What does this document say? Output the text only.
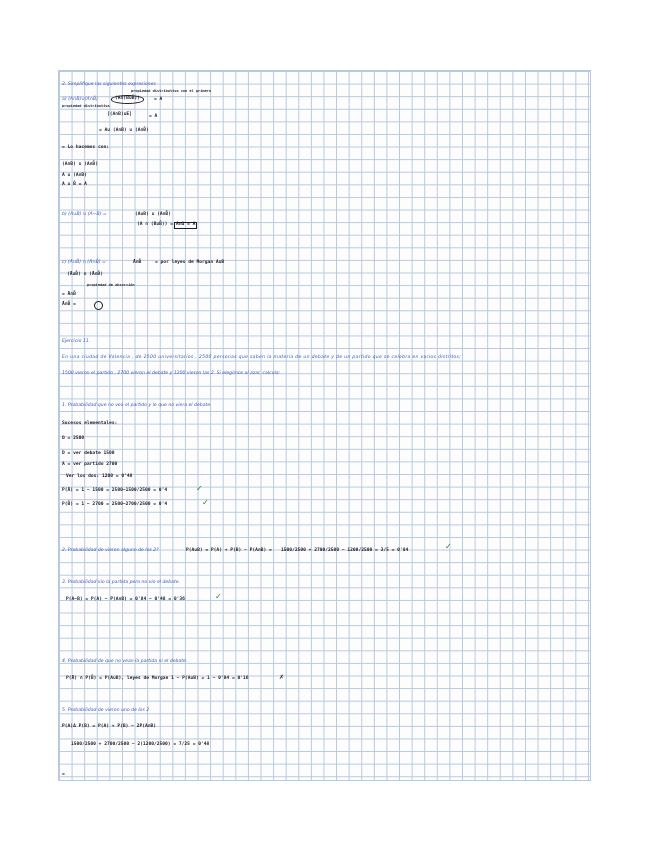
3. Simplifique las siguientes expresiones
propiedad distributiva con el primero
a) (A∩B)∪(A∩B̄)	(A∩(B∪B̄))	= A
propiedad distributiva
[(A∩B)∪E]	= A
= A∪ (A∩B) ∪ (A∩B̄)
= Lo hacemos con:
(A∩B) ∪ (A∩B̄)
A ∪ (A∩B)
A ∪ B̄ = A
b) (A∪B) ∪ (A−B) =	(A∪B) ∪ (A∩B̄)
(A ∩ (B∪B̄)) = A∩Ω = A
c) (Ā∪B̄) ∩ (Ā∩B̄) =	Ā∩B̄	= por leyes de Morgan A∪B
(Ā∪B̄) ∩ (Ā∩B̄)
propiedad de absorción
= Ā∩B̄
Ā∩B̄ =
Ejercicio 11.
En una ciudad de Valencia , de 2500 universitarios , 2500 personas que saben la materia de un debate y de un partido que se celebra en varios distritos;
1500 vieron el partido , 2700 vieron el debate y 1200 vieron las 2. Si elegimos al azar, calcula:
1. Probabilidad que no vea el partido y le que no viera el debate.
Sucesos elementales:
Ω = 2500
D = ver debate 1500
A = ver partido 2700
Ver los dos: 1200 = 0'48
P(Ā) = 1 − 1500 = 2500−1500/2500 = 0'4	✓
P(B̄) = 1 − 2700 = 2500−2700/2500 = 0'4	✓
2. Probabilidad de vieron alguno de los 2?	P(A∪B) = P(A) + P(B) − P(A∩B) = 1500/2500 + 2700/2500 − 1200/2500 = 3/5 = 0'84	✓
3. Probabilidad vio la partida pero no vio el debate.
P(A−B) = P(A) − P(A∩B) = 0'84 − 0'48 = 0'36	✓
4. Probabilidad de que no vean la partida ni el debate.
P(Ā) ∩ P(B̄) = P(A∪B), leyes de Morgan 1 − P(A∪B) = 1 − 0'84 = 0'16	✗
5. Probabilidad de vieron uno de los 2
P(A)Δ P(B) = P(A) + P(B) − 2P(A∩B)
1500/2500 + 2700/2500 − 2(1200/2500) = 7/25 = 0'48
=
